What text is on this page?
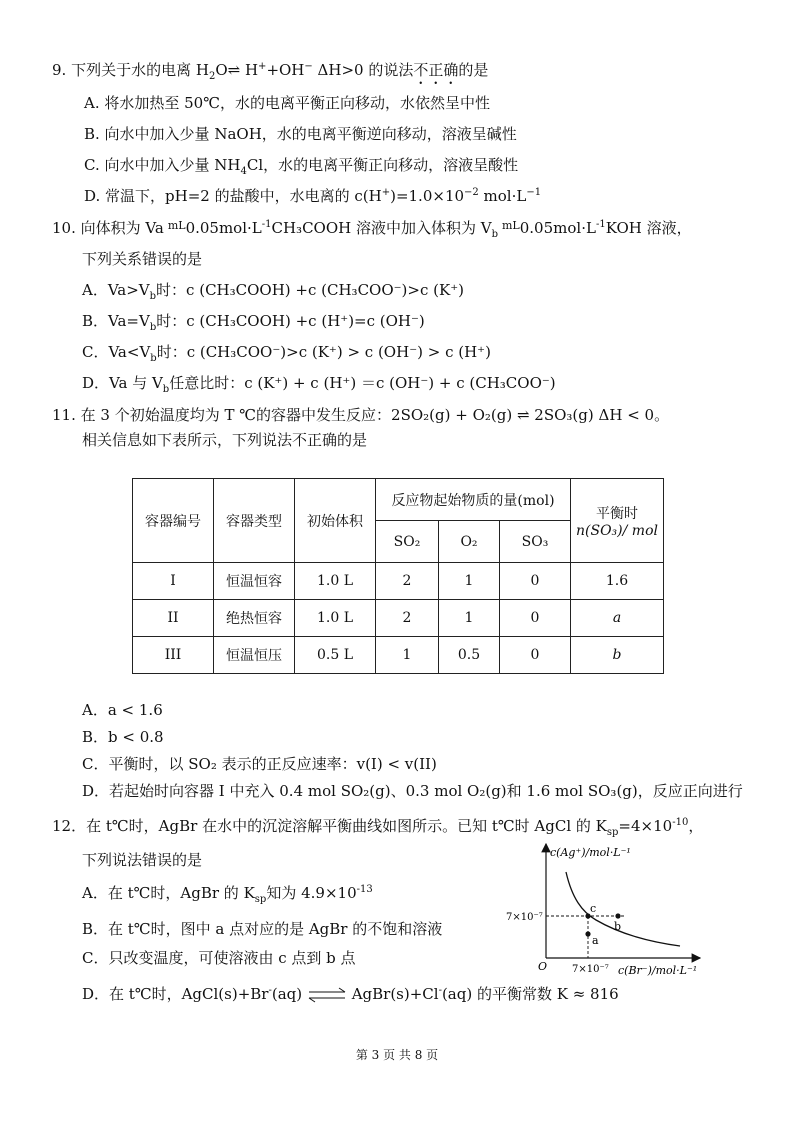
9. 下列关于水的电离 $H_2O\rightleftharpoons$ H++OH− ΔH>0 的说法不正确的是
A. 将水加热至 50℃，水的电离平衡正向移动，水依然呈中性
B. 向水中加入少量 NaOH，水的电离平衡逆向移动，溶液呈碱性
C. 向水中加入少量 $NH_4Cl$，水的电离平衡正向移动，溶液呈酸性
D. 常温下，pH=2 的盐酸中，水电离的 $c(H^+)=1.0\times 10^{-2}$ $mol\cdot L^{-1}$
10. 向体积为 Va $^{mL}0.05mol\cdot L^{-1}CH_3COOH$ 溶液中加入体积为 $V_b^{mL}0.05mol\cdot L^{-1}KOH$ 溶液，
下列关系错误的是
A．$Va>V_b$时：c (CH₃COOH) +c (CH₃COO⁻)>c (K⁺)
B．$Va=V_b$时：c (CH₃COOH) +c (H⁺)=c (OH⁻)
C．$Va<V_b$时：c (CH₃COO⁻)>c (K⁺) > c (OH⁻) > c (H⁺)
D．Va 与 $V_b$任意比时：c (K⁺) + c (H⁺) ＝c (OH⁻) + c (CH₃COO⁻)
11. 在 3 个初始温度均为 T ℃的容器中发生反应：2SO₂(g) + O₂(g) ⇌ 2SO₃(g) ΔH < 0。
相关信息如下表所示，下列说法不正确的是
容器编号	容器类型	初始体积	反应物起始物质的量(mol)			平衡时
n(SO₃)/ mol

			SO₂	O₂	SO₃	
I	恒温恒容	1.0 L	2	1	0	1.6
II	绝热恒容	1.0 L	2	1	0	a
III	恒温恒压	0.5 L	1	0.5	0	b
A．a < 1.6
B．b < 0.8
C．平衡时，以 SO₂ 表示的正反应速率：v(I) < v(II)
D．若起始时向容器 I 中充入 0.4 mol SO₂(g)、0.3 mol O₂(g)和 1.6 mol SO₃(g)，反应正向进行
12．在 t℃时，AgBr 在水中的沉淀溶解平衡曲线如图所示。已知 t℃时 AgCl 的 $K_{sp}=4\times 10^{-10}$，
下列说法错误的是
A．在 t℃时，AgBr 的 $K_{sp}$知为 $4.9\times 10^{-13}$
B．在 t℃时，图中 a 点对应的是 AgBr 的不饱和溶液
C．只改变温度，可使溶液由 c 点到 b 点
D．在 t℃时，AgCl(s)+Br-(aq) ⇌ AgBr(s)+Cl-(aq) 的平衡常数 K ≈ 816
c(Ag⁺)/mol·L⁻¹
c(Br⁻)/mol·L⁻¹
O
7×10⁻⁷
7×10⁻⁷
c
a
b
第 3 页 共 8 页
